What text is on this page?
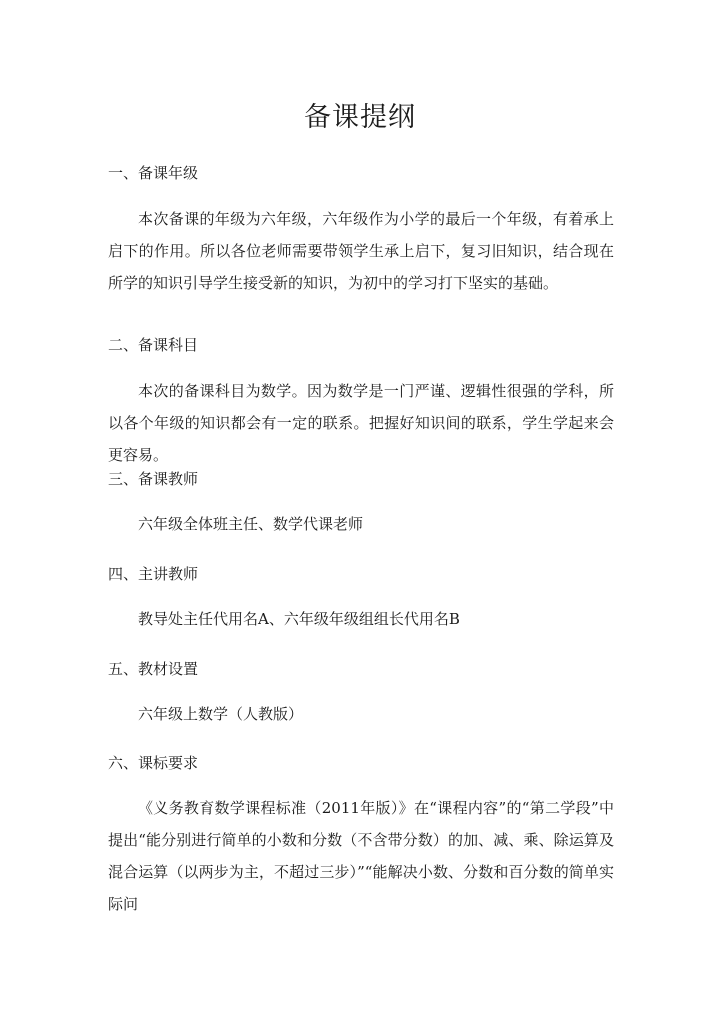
备课提纲
一、备课年级

本次备课的年级为六年级，六年级作为小学的最后一个年级，有着承上启下的作用。所以各位老师需要带领学生承上启下，复习旧知识，结合现在所学的知识引导学生接受新的知识，为初中的学习打下坚实的基础。

二、备课科目

本次的备课科目为数学。因为数学是一门严谨、逻辑性很强的学科，所以各个年级的知识都会有一定的联系。把握好知识间的联系，学生学起来会更容易。

三、备课教师

六年级全体班主任、数学代课老师

四、主讲教师

教导处主任代用名A、六年级年级组组长代用名B

五、教材设置

六年级上数学（人教版）

六、课标要求

《义务教育数学课程标准（2011年版）》在“课程内容”的“第二学段”中提出“能分别进行简单的小数和分数（不含带分数）的加、减、乘、除运算及混合运算（以两步为主，不超过三步）”“能解决小数、分数和百分数的简单实际问
